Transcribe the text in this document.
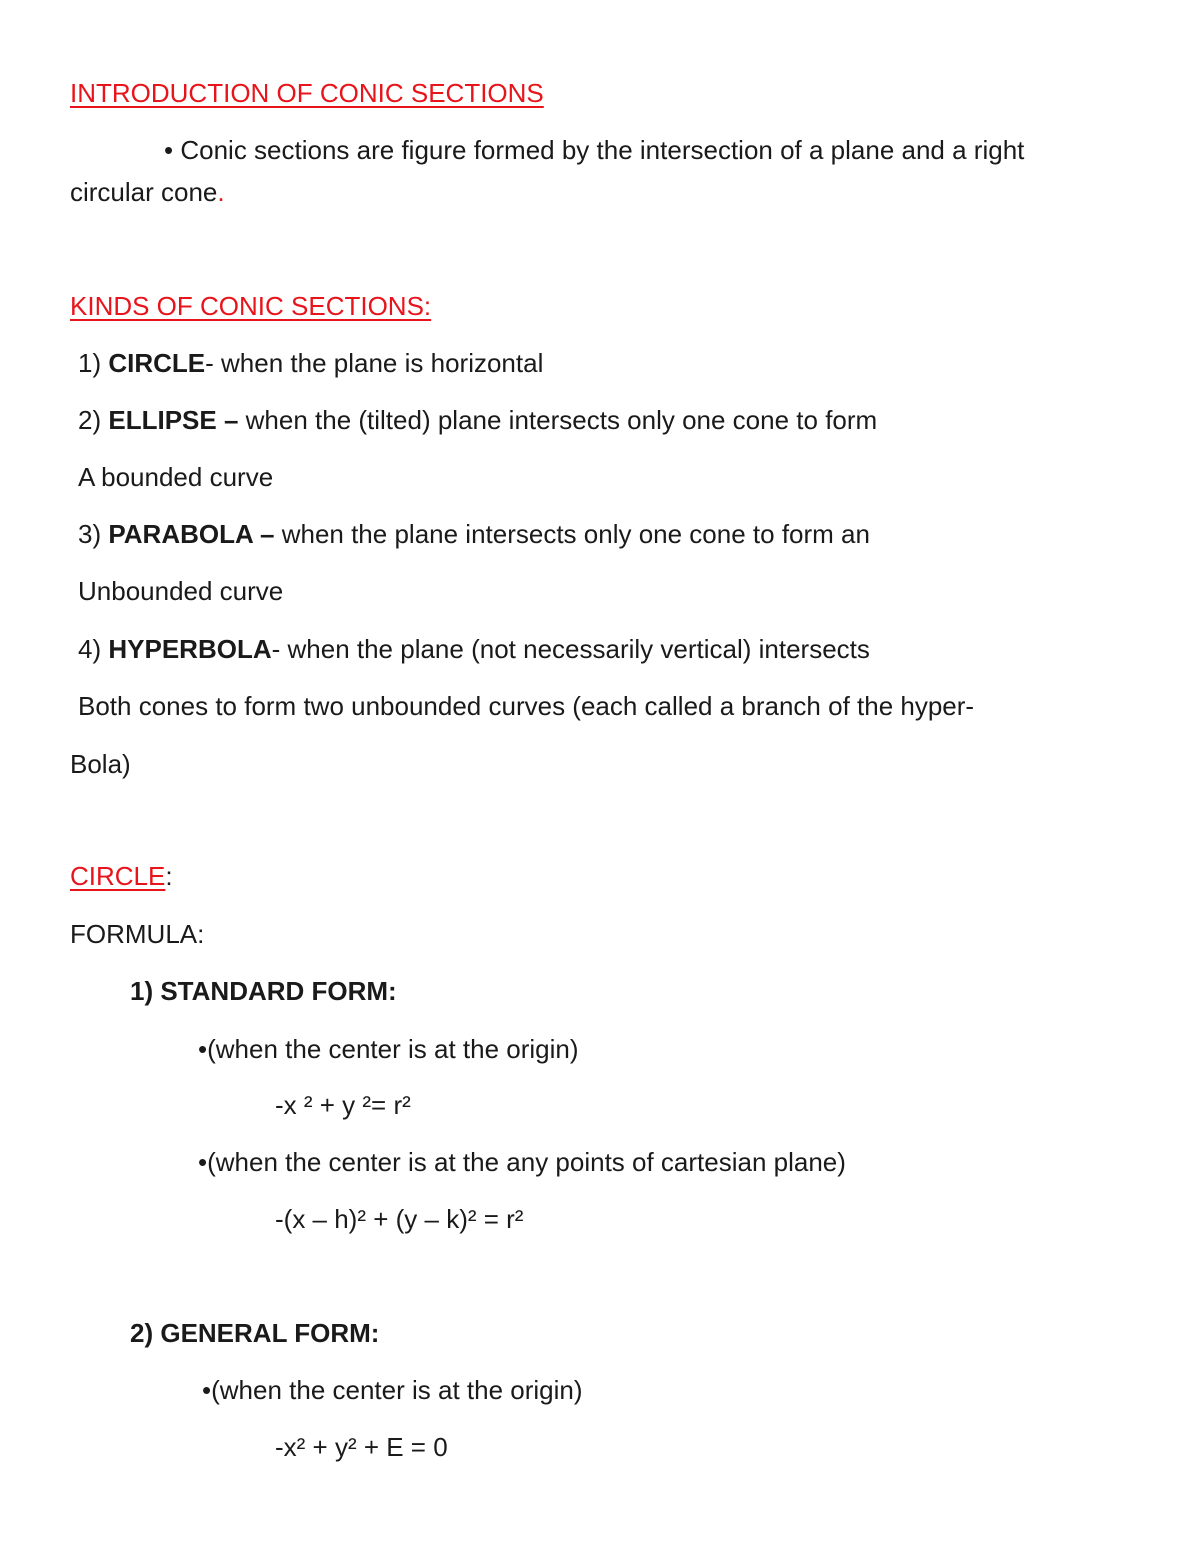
INTRODUCTION OF CONIC SECTIONS
• Conic sections are figure formed by the intersection of a plane and a right
circular cone.
KINDS OF CONIC SECTIONS:
1) CIRCLE- when the plane is horizontal
2) ELLIPSE – when the (tilted) plane intersects only one cone to form
A bounded curve
3) PARABOLA – when the plane intersects only one cone to form an
Unbounded curve
4) HYPERBOLA- when the plane (not necessarily vertical) intersects
Both cones to form two unbounded curves (each called a branch of the hyper-
Bola)
CIRCLE:
FORMULA:
1) STANDARD FORM:
•(when the center is at the origin)
-x ² + y ²= r²
•(when the center is at the any points of cartesian plane)
-(x – h)² + (y – k)² = r²
2) GENERAL FORM:
•(when the center is at the origin)
-x² + y² + E = 0
